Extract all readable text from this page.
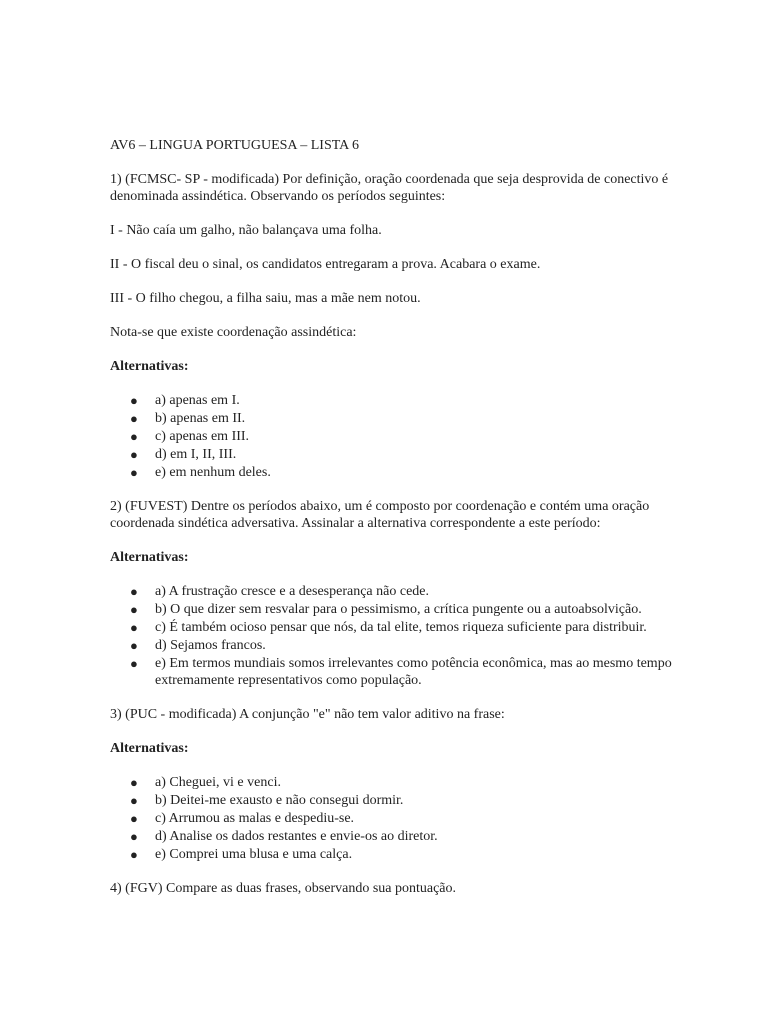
AV6 – LINGUA PORTUGUESA – LISTA 6

1) (FCMSC- SP - modificada) Por definição, oração coordenada que seja desprovida de conectivo é denominada assindética. Observando os períodos seguintes:

I - Não caía um galho, não balançava uma folha.

II - O fiscal deu o sinal, os candidatos entregaram a prova. Acabara o exame.

III - O filho chegou, a filha saiu, mas a mãe nem notou.

Nota-se que existe coordenação assindética:

Alternativas:

● a) apenas em I.
● b) apenas em II.
● c) apenas em III.
● d) em I, II, III.
● e) em nenhum deles.

2) (FUVEST) Dentre os períodos abaixo, um é composto por coordenação e contém uma oração coordenada sindética adversativa. Assinalar a alternativa correspondente a este período:

Alternativas:

● a) A frustração cresce e a desesperança não cede.
● b) O que dizer sem resvalar para o pessimismo, a crítica pungente ou a autoabsolvição.
● c) É também ocioso pensar que nós, da tal elite, temos riqueza suficiente para distribuir.
● d) Sejamos francos.
● e) Em termos mundiais somos irrelevantes como potência econômica, mas ao mesmo tempo extremamente representativos como população.

3) (PUC - modificada) A conjunção "e" não tem valor aditivo na frase:

Alternativas:

● a) Cheguei, vi e venci.
● b) Deitei-me exausto e não consegui dormir.
● c) Arrumou as malas e despediu-se.
● d) Analise os dados restantes e envie-os ao diretor.
● e) Comprei uma blusa e uma calça.

4) (FGV) Compare as duas frases, observando sua pontuação.
